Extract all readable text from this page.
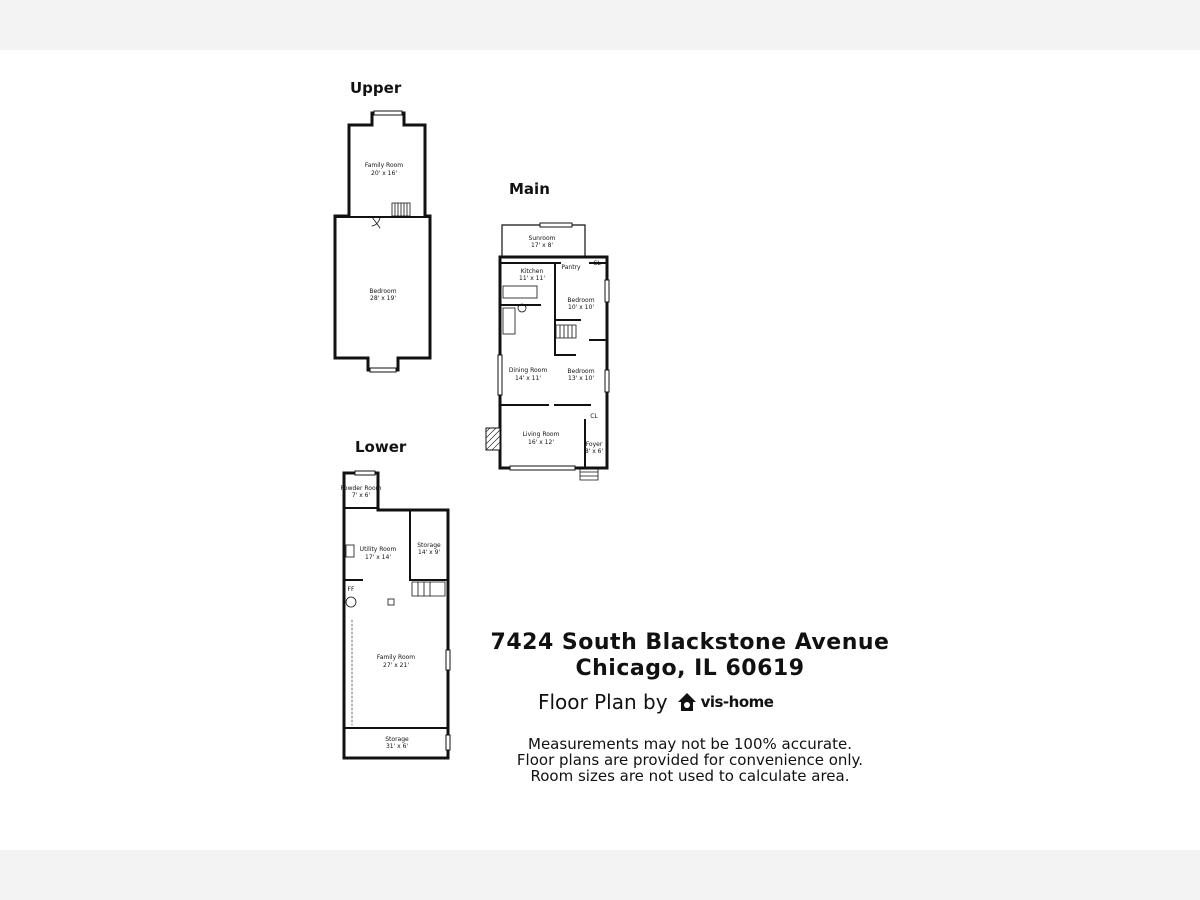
Family Room
20' x 16'
Bedroom
28' x 19'
Sunroom
17' x 8'
Kitchen
11' x 11'
Pantry
CL
Bedroom
10' x 10'
Dining Room
14' x 11'
Bedroom
13' x 10'
CL
Living Room
16' x 12'	Foyer
8' x 6'
Powder Room
7' x 6'
Utility Room
17' x 14'
Storage
14' x 9'
FF
Family Room
27' x 21'
Storage
31' x 6'
Upper
Main
Lower
7424 South Blackstone Avenue
Chicago, IL 60619
Floor Plan by vis-home
Measurements may not be 100% accurate.
Floor plans are provided for convenience only.
Room sizes are not used to calculate area.
